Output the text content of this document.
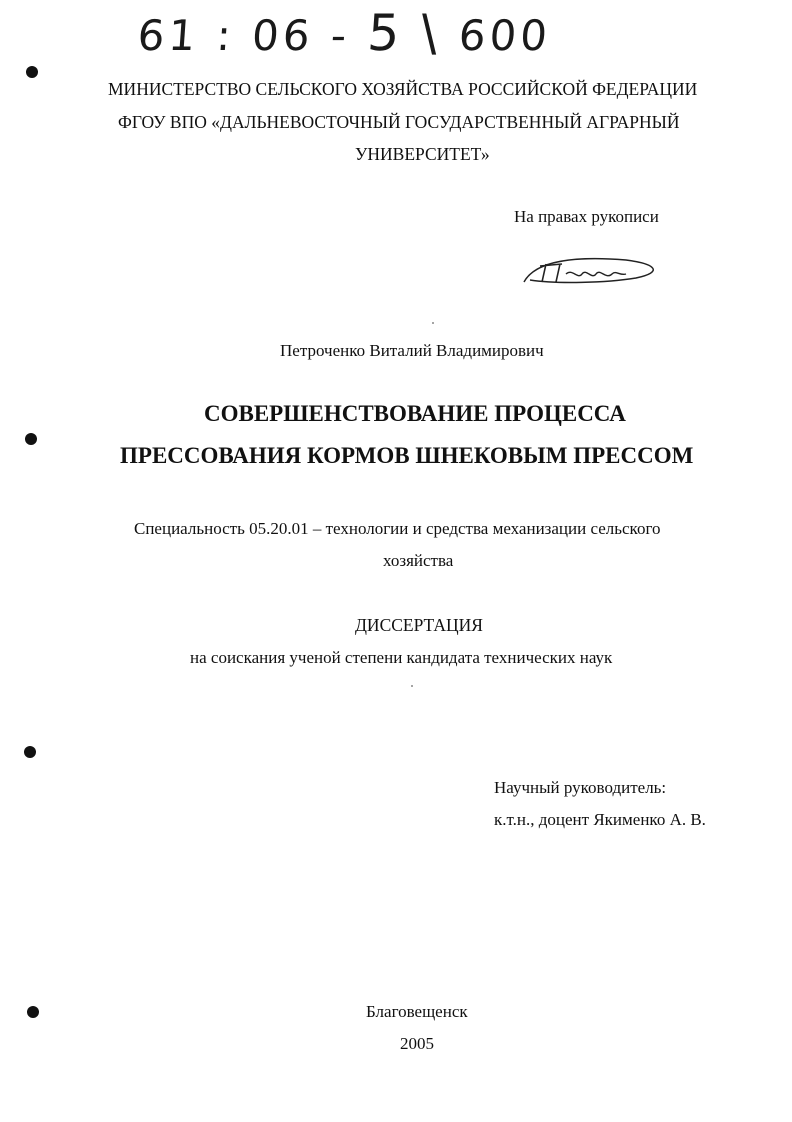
61 : 06 - 5 \ 600
МИНИСТЕРСТВО СЕЛЬСКОГО ХОЗЯЙСТВА РОССИЙСКОЙ ФЕДЕРАЦИИ
ФГОУ ВПО «ДАЛЬНЕВОСТОЧНЫЙ ГОСУДАРСТВЕННЫЙ АГРАРНЫЙ
УНИВЕРСИТЕТ»
На правах рукописи
Петр
Петроченко Виталий Владимирович
СОВЕРШЕНСТВОВАНИЕ ПРОЦЕССА
ПРЕССОВАНИЯ КОРМОВ ШНЕКОВЫМ ПРЕССОМ
Специальность 05.20.01 – технологии и средства механизации сельского
хозяйства
ДИССЕРТАЦИЯ
на соискания ученой степени кандидата технических наук
Научный руководитель:
к.т.н., доцент Якименко А. В.
Благовещенск
2005
